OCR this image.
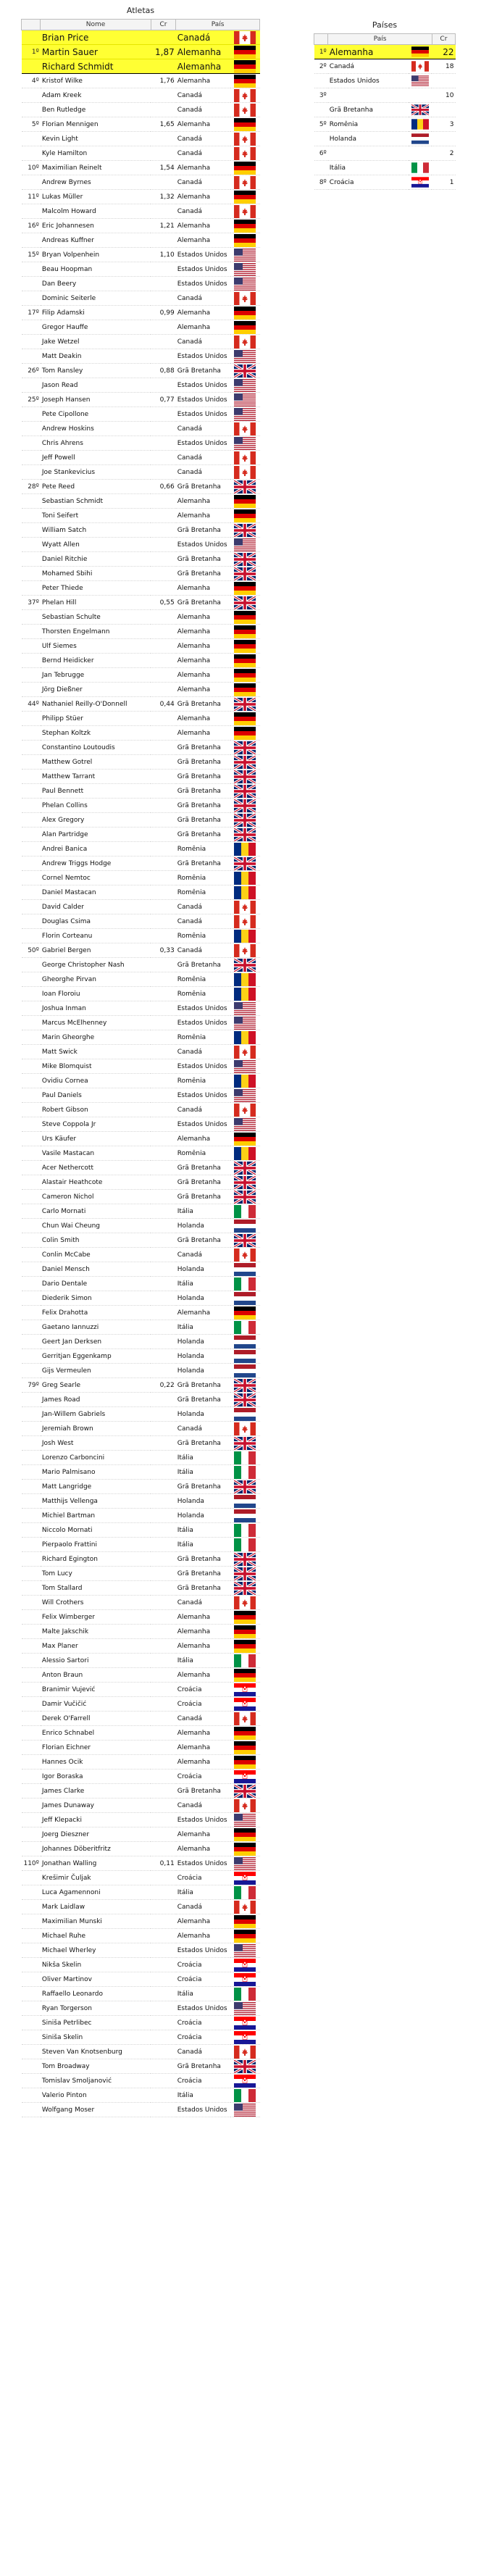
Atletas
	Nome	Cr	País	
	Brian Price		Canadá	

1º	Martin Sauer	1,87	Alemanha	

	Richard Schmidt		Alemanha	

4º	Kristof Wilke	1,76	Alemanha	

	Adam Kreek		Canadá	

	Ben Rutledge		Canadá	

5º	Florian Mennigen	1,65	Alemanha	

	Kevin Light		Canadá	

	Kyle Hamilton		Canadá	

10º	Maximilian Reinelt	1,54	Alemanha	

	Andrew Byrnes		Canadá	

11º	Lukas Müller	1,32	Alemanha	

	Malcolm Howard		Canadá	

16º	Eric Johannesen	1,21	Alemanha	

	Andreas Kuffner		Alemanha	

15º	Bryan Volpenhein	1,10	Estados Unidos	

	Beau Hoopman		Estados Unidos	

	Dan Beery		Estados Unidos	

	Dominic Seiterle		Canadá	

17º	Filip Adamski	0,99	Alemanha	

	Gregor Hauffe		Alemanha	

	Jake Wetzel		Canadá	

	Matt Deakin		Estados Unidos	

26º	Tom Ransley	0,88	Grã Bretanha	

	Jason Read		Estados Unidos	

25º	Joseph Hansen	0,77	Estados Unidos	

	Pete Cipollone		Estados Unidos	

	Andrew Hoskins		Canadá	

	Chris Ahrens		Estados Unidos	

	Jeff Powell		Canadá	

	Joe Stankevicius		Canadá	

28º	Pete Reed	0,66	Grã Bretanha	

	Sebastian Schmidt		Alemanha	

	Toni Seifert		Alemanha	

	William Satch		Grã Bretanha	

	Wyatt Allen		Estados Unidos	

	Daniel Ritchie		Grã Bretanha	

	Mohamed Sbihi		Grã Bretanha	

	Peter Thiede		Alemanha	

37º	Phelan Hill	0,55	Grã Bretanha	

	Sebastian Schulte		Alemanha	

	Thorsten Engelmann		Alemanha	

	Ulf Siemes		Alemanha	

	Bernd Heidicker		Alemanha	

	Jan Tebrugge		Alemanha	

	Jörg Dießner		Alemanha	

44º	Nathaniel Reilly-O'Donnell	0,44	Grã Bretanha	

	Philipp Stüer		Alemanha	

	Stephan Koltzk		Alemanha	

	Constantino Loutoudis		Grã Bretanha	

	Matthew Gotrel		Grã Bretanha	

	Matthew Tarrant		Grã Bretanha	

	Paul Bennett		Grã Bretanha	

	Phelan Collins		Grã Bretanha	

	Alex Gregory		Grã Bretanha	

	Alan Partridge		Grã Bretanha	

	Andrei Banica		Romênia	

	Andrew Triggs Hodge		Grã Bretanha	

	Cornel Nemtoc		Romênia	

	Daniel Mastacan		Romênia	

	David Calder		Canadá	

	Douglas Csima		Canadá	

	Florin Corteanu		Romênia	

50º	Gabriel Bergen	0,33	Canadá	

	George Christopher Nash		Grã Bretanha	

	Gheorghe Pirvan		Romênia	

	Ioan Floroiu		Romênia	

	Joshua Inman		Estados Unidos	

	Marcus McElhenney		Estados Unidos	

	Marin Gheorghe		Romênia	

	Matt Swick		Canadá	

	Mike Blomquist		Estados Unidos	

	Ovidiu Cornea		Romênia	

	Paul Daniels		Estados Unidos	

	Robert Gibson		Canadá	

	Steve Coppola Jr		Estados Unidos	

	Urs Käufer		Alemanha	

	Vasile Mastacan		Romênia	

	Acer Nethercott		Grã Bretanha	

	Alastair Heathcote		Grã Bretanha	

	Cameron Nichol		Grã Bretanha	

	Carlo Mornati		Itália	

	Chun Wai Cheung		Holanda	

	Colin Smith		Grã Bretanha	

	Conlin McCabe		Canadá	

	Daniel Mensch		Holanda	

	Dario Dentale		Itália	

	Diederik Simon		Holanda	

	Felix Drahotta		Alemanha	

	Gaetano Iannuzzi		Itália	

	Geert Jan Derksen		Holanda	

	Gerritjan Eggenkamp		Holanda	

	Gijs Vermeulen		Holanda	

79º	Greg Searle	0,22	Grã Bretanha	

	James Road		Grã Bretanha	

	Jan-Willem Gabriels		Holanda	

	Jeremiah Brown		Canadá	

	Josh West		Grã Bretanha	

	Lorenzo Carboncini		Itália	

	Mario Palmisano		Itália	

	Matt Langridge		Grã Bretanha	

	Matthijs Vellenga		Holanda	

	Michiel Bartman		Holanda	

	Niccolo Mornati		Itália	

	Pierpaolo Frattini		Itália	

	Richard Egington		Grã Bretanha	

	Tom Lucy		Grã Bretanha	

	Tom Stallard		Grã Bretanha	

	Will Crothers		Canadá	

	Felix Wimberger		Alemanha	

	Malte Jakschik		Alemanha	

	Max Planer		Alemanha	

	Alessio Sartori		Itália	

	Anton Braun		Alemanha	

	Branimir Vujević		Croácia	

	Damir Vučičić		Croácia	

	Derek O'Farrell		Canadá	

	Enrico Schnabel		Alemanha	

	Florian Eichner		Alemanha	

	Hannes Ocik		Alemanha	

	Igor Boraska		Croácia	

	James Clarke		Grã Bretanha	

	James Dunaway		Canadá	

	Jeff Klepacki		Estados Unidos	

	Joerg Dieszner		Alemanha	

	Johannes Döberitfritz		Alemanha	

110º	Jonathan Walling	0,11	Estados Unidos	

	Krešimir Čuljak		Croácia	

	Luca Agamennoni		Itália	

	Mark Laidlaw		Canadá	

	Maximilian Munski		Alemanha	

	Michael Ruhe		Alemanha	

	Michael Wherley		Estados Unidos	

	Nikša Skelin		Croácia	

	Oliver Martinov		Croácia	

	Raffaello Leonardo		Itália	

	Ryan Torgerson		Estados Unidos	

	Siniša Petrlibec		Croácia	

	Siniša Skelin		Croácia	

	Steven Van Knotsenburg		Canadá	

	Tom Broadway		Grã Bretanha	

	Tomislav Smoljanović		Croácia	

	Valerio Pinton		Itália	

	Wolfgang Moser		Estados Unidos	
Países
	País		Cr
1º	Alemanha		22
2º	Canadá		18
	Estados Unidos	

3º			10
	Grã Bretanha	

5º	Romênia		3
	Holanda	

6º			2
	Itália	

8º	Croácia		1
